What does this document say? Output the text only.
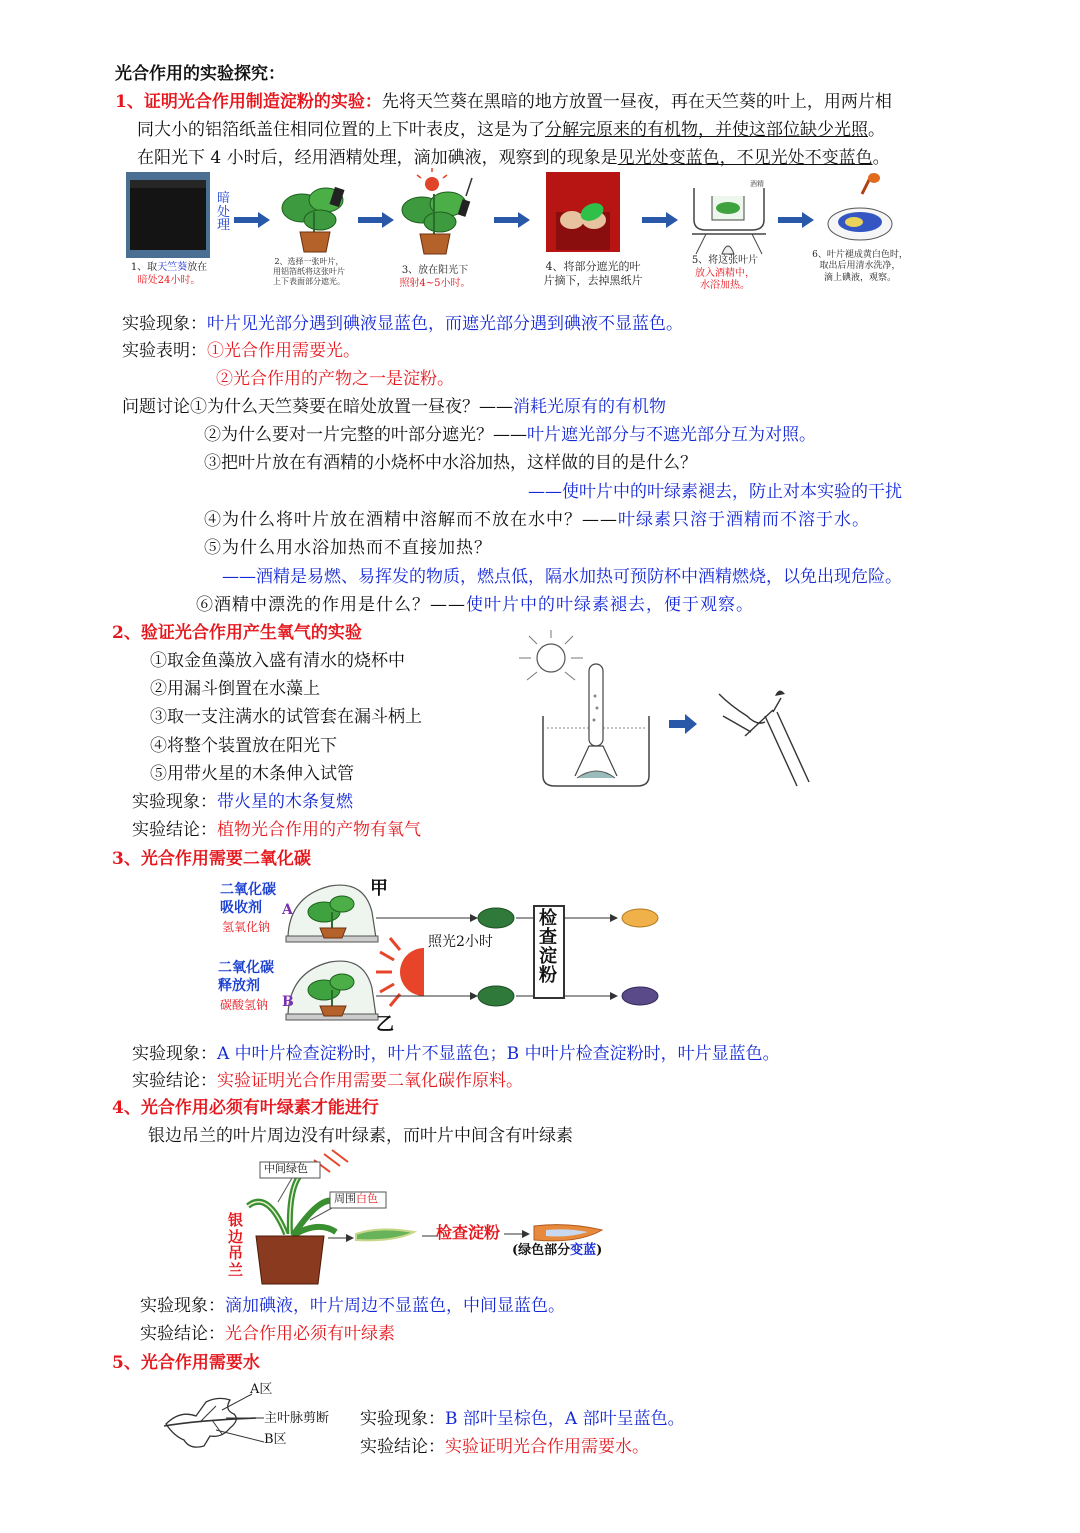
光合作用的实验探究：
1、证明光合作用制造淀粉的实验：先将天竺葵在黑暗的地方放置一昼夜，再在天竺葵的叶上，用两片相
同大小的铝箔纸盖住相同位置的上下叶表皮，这是为了分解完原来的有机物，并使这部位缺少光照。
在阳光下 4 小时后，经用酒精处理，滴加碘液，观察到的现象是见光处变蓝色，不见光处不变蓝色。
暗处理
酒精
1、取天竺葵放在
暗处24小时。
2、选择一张叶片，
用铝箔纸将这张叶片
上下表面部分遮光。
3、放在阳光下
照射4~5小时。
4、将部分遮光的叶
片摘下，去掉黑纸片
5、将这张叶片
放入酒精中，
水浴加热。
6、叶片褪成黄白色时，
取出后用清水洗净，
滴上碘液，观察。
实验现象：叶片见光部分遇到碘液显蓝色，而遮光部分遇到碘液不显蓝色。
实验表明：①光合作用需要光。
②光合作用的产物之一是淀粉。
问题讨论①为什么天竺葵要在暗处放置一昼夜？——消耗光原有的有机物
②为什么要对一片完整的叶部分遮光？——叶片遮光部分与不遮光部分互为对照。
③把叶片放在有酒精的小烧杯中水浴加热，这样做的目的是什么？
——使叶片中的叶绿素褪去，防止对本实验的干扰
④为什么将叶片放在酒精中溶解而不放在水中？——叶绿素只溶于酒精而不溶于水。
⑤为什么用水浴加热而不直接加热？
——酒精是易燃、易挥发的物质，燃点低，隔水加热可预防杯中酒精燃烧，以免出现危险。
⑥酒精中漂洗的作用是什么？——使叶片中的叶绿素褪去，便于观察。
2、验证光合作用产生氧气的实验
①取金鱼藻放入盛有清水的烧杯中
②用漏斗倒置在水藻上
③取一支注满水的试管套在漏斗柄上
④将整个装置放在阳光下
⑤用带火星的木条伸入试管
实验现象：带火星的木条复燃
实验结论：植物光合作用的产物有氧气
3、光合作用需要二氧化碳
二氧化碳
吸收剂
氢氧化钠
二氧化碳
释放剂
碳酸氢钠
A
B
甲
乙
照光2小时
检查淀粉
实验现象：A 中叶片检查淀粉时，叶片不显蓝色；B 中叶片检查淀粉时，叶片显蓝色。
实验结论：实验证明光合作用需要二氧化碳作原料。
4、光合作用必须有叶绿素才能进行
银边吊兰的叶片周边没有叶绿素，而叶片中间含有叶绿素
中间绿色
周围白色
银边吊兰
检查淀粉
(绿色部分变蓝)
实验现象：滴加碘液，叶片周边不显蓝色，中间显蓝色。
实验结论：光合作用必须有叶绿素
5、光合作用需要水
A区
主叶脉剪断
B区
实验现象：B 部叶呈棕色，A 部叶呈蓝色。
实验结论：实验证明光合作用需要水。
